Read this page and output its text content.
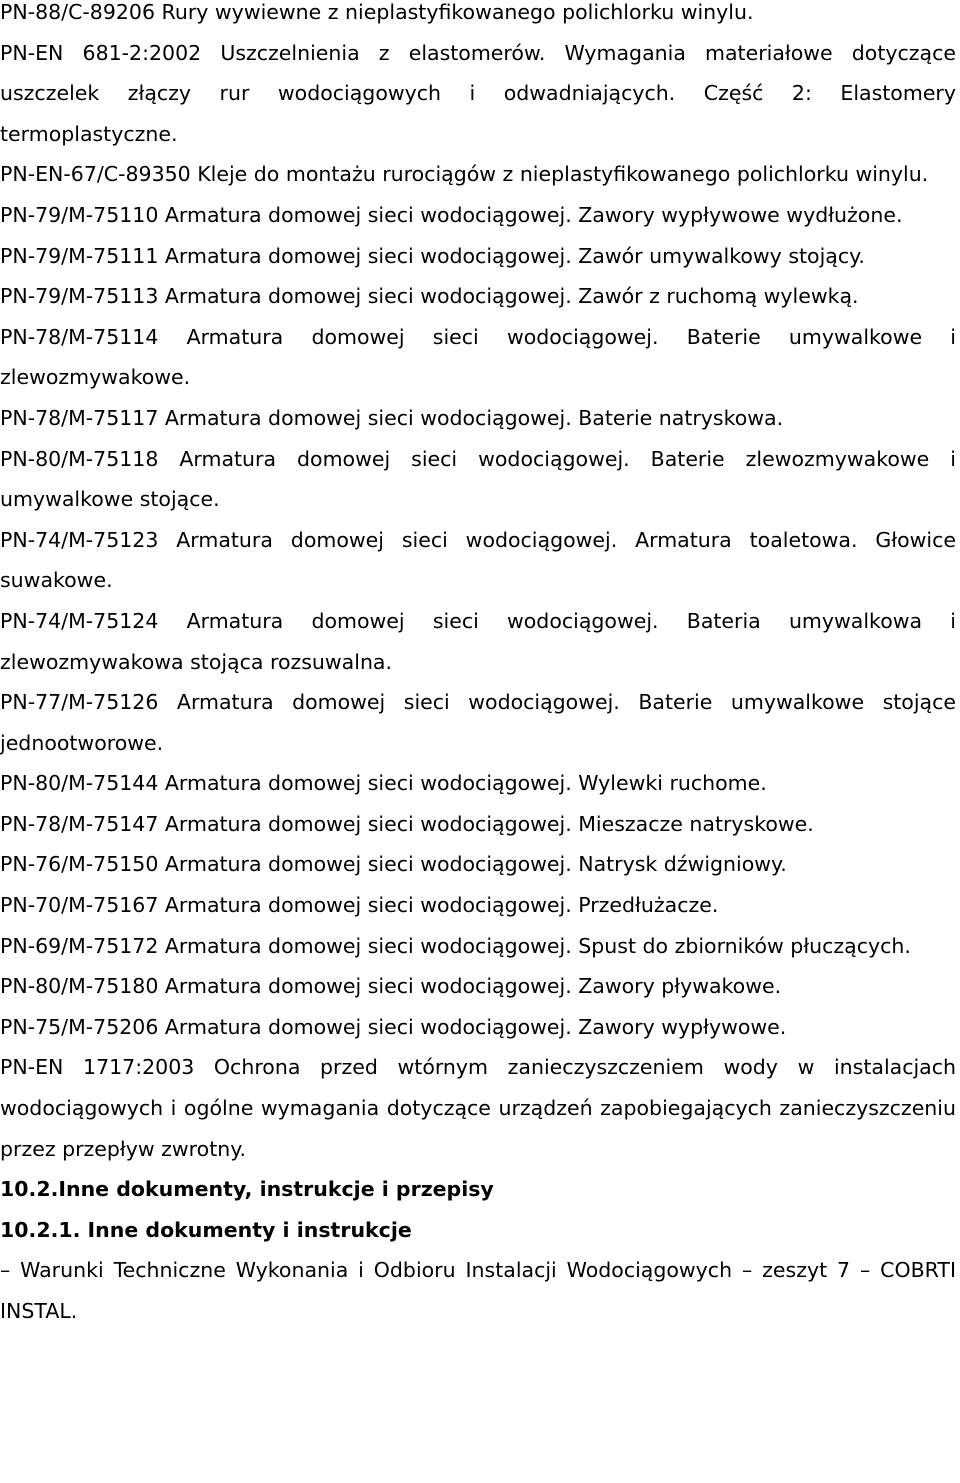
PN-88/C-89206 Rury wywiewne z nieplastyfikowanego polichlorku winylu.

PN-EN 681-2:2002 Uszczelnienia z elastomerów. Wymagania materiałowe dotyczące uszczelek złączy rur wodociągowych i odwadniających. Część 2: Elastomery termoplastyczne.

PN-EN-67/C-89350 Kleje do montażu rurociągów z nieplastyfikowanego polichlorku winylu.

PN-79/M-75110 Armatura domowej sieci wodociągowej. Zawory wypływowe wydłużone.

PN-79/M-75111 Armatura domowej sieci wodociągowej. Zawór umywalkowy stojący.

PN-79/M-75113 Armatura domowej sieci wodociągowej. Zawór z ruchomą wylewką.

PN-78/M-75114 Armatura domowej sieci wodociągowej. Baterie umywalkowe i zlewozmywakowe.

PN-78/M-75117 Armatura domowej sieci wodociągowej. Baterie natryskowa.

PN-80/M-75118 Armatura domowej sieci wodociągowej. Baterie zlewozmywakowe i umywalkowe stojące.

PN-74/M-75123 Armatura domowej sieci wodociągowej. Armatura toaletowa. Głowice suwakowe.

PN-74/M-75124 Armatura domowej sieci wodociągowej. Bateria umywalkowa i zlewozmywakowa stojąca rozsuwalna.

PN-77/M-75126 Armatura domowej sieci wodociągowej. Baterie umywalkowe stojące jednootworowe.

PN-80/M-75144 Armatura domowej sieci wodociągowej. Wylewki ruchome.

PN-78/M-75147 Armatura domowej sieci wodociągowej. Mieszacze natryskowe.

PN-76/M-75150 Armatura domowej sieci wodociągowej. Natrysk dźwigniowy.

PN-70/M-75167 Armatura domowej sieci wodociągowej. Przedłużacze.

PN-69/M-75172 Armatura domowej sieci wodociągowej. Spust do zbiorników płuczących.

PN-80/M-75180 Armatura domowej sieci wodociągowej. Zawory pływakowe.

PN-75/M-75206 Armatura domowej sieci wodociągowej. Zawory wypływowe.

PN-EN 1717:2003 Ochrona przed wtórnym zanieczyszczeniem wody w instalacjach wodociągowych i ogólne wymagania dotyczące urządzeń zapobiegających zanieczyszczeniu przez przepływ zwrotny.

10.2.Inne dokumenty, instrukcje i przepisy

10.2.1. Inne dokumenty i instrukcje

– Warunki Techniczne Wykonania i Odbioru Instalacji Wodociągowych – zeszyt 7 – COBRTI INSTAL.
